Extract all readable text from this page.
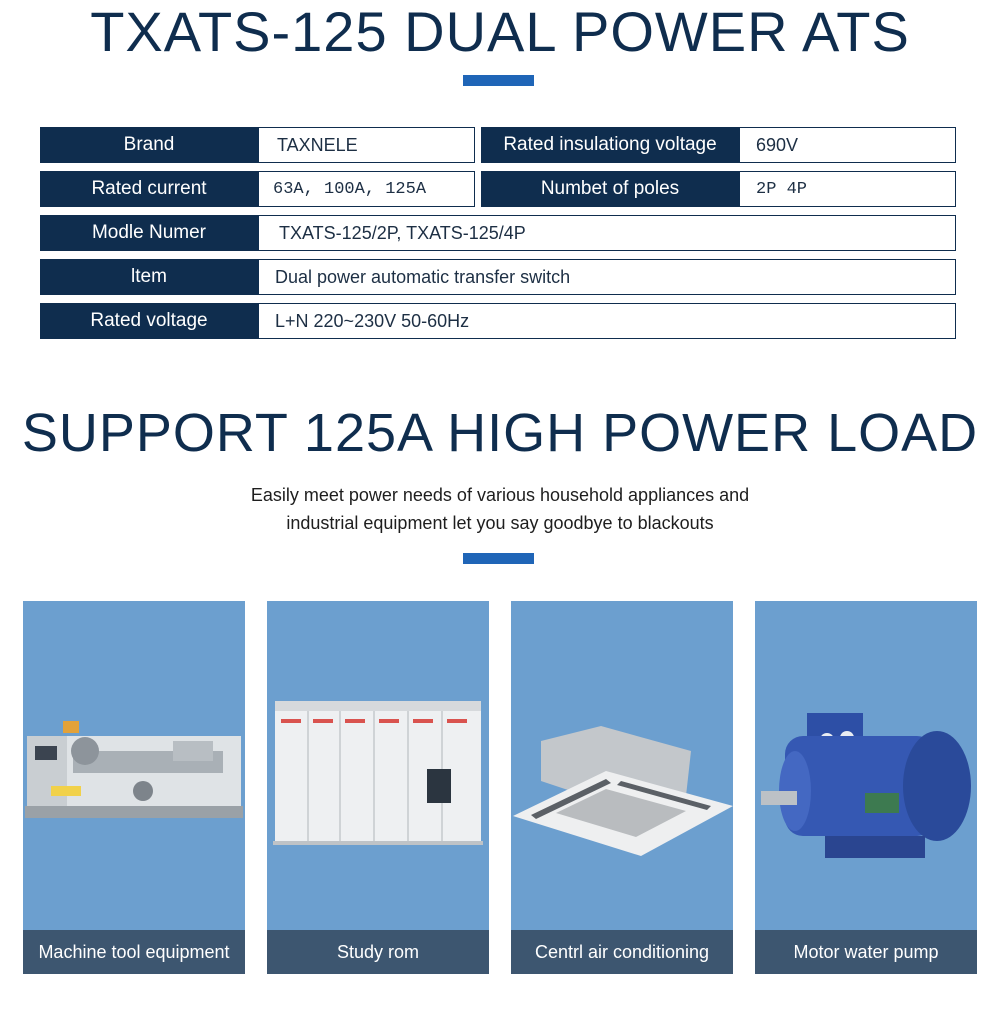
TXATS-125 DUAL POWER ATS
Brand	TAXNELE	Rated insulationg voltage	690V
Rated current	63A, 100A, 125A	Numbet of poles	2P 4P
Modle Numer	TXATS-125/2P, TXATS-125/4P
ltem	Dual power automatic transfer switch
Rated voltage	L+N 220~230V 50-60Hz
SUPPORT 125A HIGH POWER LOAD
Easily meet power needs of various household appliances and
industrial equipment let you say goodbye to blackouts
Machine tool equipment	Study rom	Centrl air conditioning	Motor water pump
